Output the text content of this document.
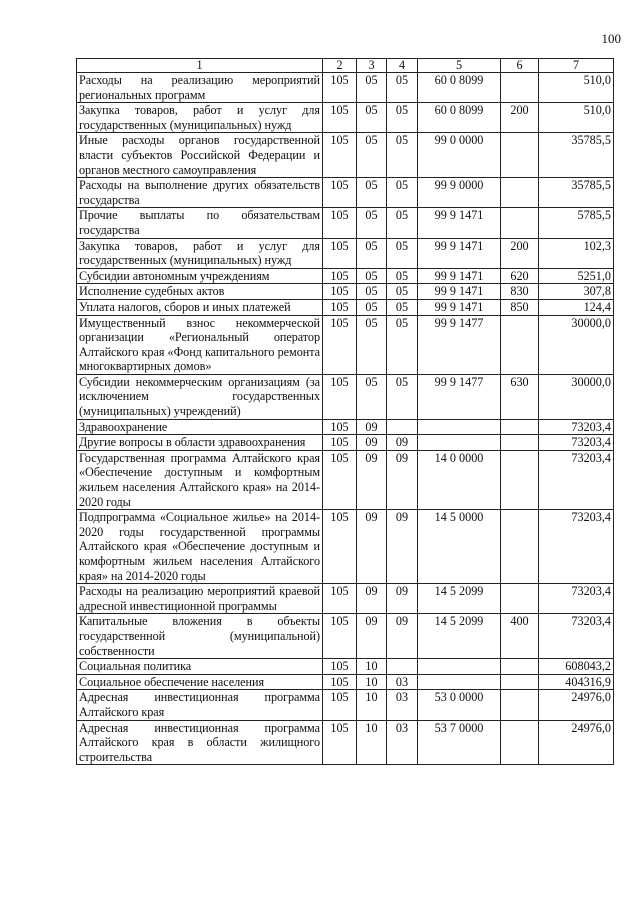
100
1	2	3	4	5	6	7
Расходы на реализацию мероприятий региональных программ	105	05	05	60 0 8099		510,0
Закупка товаров, работ и услуг для государственных (муниципальных) нужд	105	05	05	60 0 8099	200	510,0
Иные расходы органов государственной власти субъектов Российской Федерации и органов местного самоуправления	105	05	05	99 0 0000		35785,5
Расходы на выполнение других обязательств государства	105	05	05	99 9 0000		35785,5
Прочие выплаты по обязательствам государства	105	05	05	99 9 1471		5785,5
Закупка товаров, работ и услуг для государственных (муниципальных) нужд	105	05	05	99 9 1471	200	102,3
Субсидии автономным учреждениям	105	05	05	99 9 1471	620	5251,0
Исполнение судебных актов	105	05	05	99 9 1471	830	307,8
Уплата налогов, сборов и иных платежей	105	05	05	99 9 1471	850	124,4
Имущественный взнос некоммерческой организации «Региональный оператор Алтайского края «Фонд капитального ремонта многоквартирных домов»	105	05	05	99 9 1477		30000,0
Субсидии некоммерческим организациям (за исключением государственных (муниципальных) учреждений)	105	05	05	99 9 1477	630	30000,0
Здравоохранение	105	09				73203,4
Другие вопросы в области здравоохранения	105	09	09			73203,4
Государственная программа Алтайского края «Обеспечение доступным и комфортным жильем населения Алтайского края» на 2014-2020 годы	105	09	09	14 0 0000		73203,4
Подпрограмма «Социальное жилье» на 2014-2020 годы государственной программы Алтайского края «Обеспечение доступным и комфортным жильем населения Алтайского края» на 2014-2020 годы	105	09	09	14 5 0000		73203,4
Расходы на реализацию мероприятий краевой адресной инвестиционной программы	105	09	09	14 5 2099		73203,4
Капитальные вложения в объекты государственной (муниципальной) собственности	105	09	09	14 5 2099	400	73203,4
Социальная политика	105	10				608043,2
Социальное обеспечение населения	105	10	03			404316,9
Адресная инвестиционная программа Алтайского края	105	10	03	53 0 0000		24976,0
Адресная инвестиционная программа Алтайского края в области жилищного строительства	105	10	03	53 7 0000		24976,0
